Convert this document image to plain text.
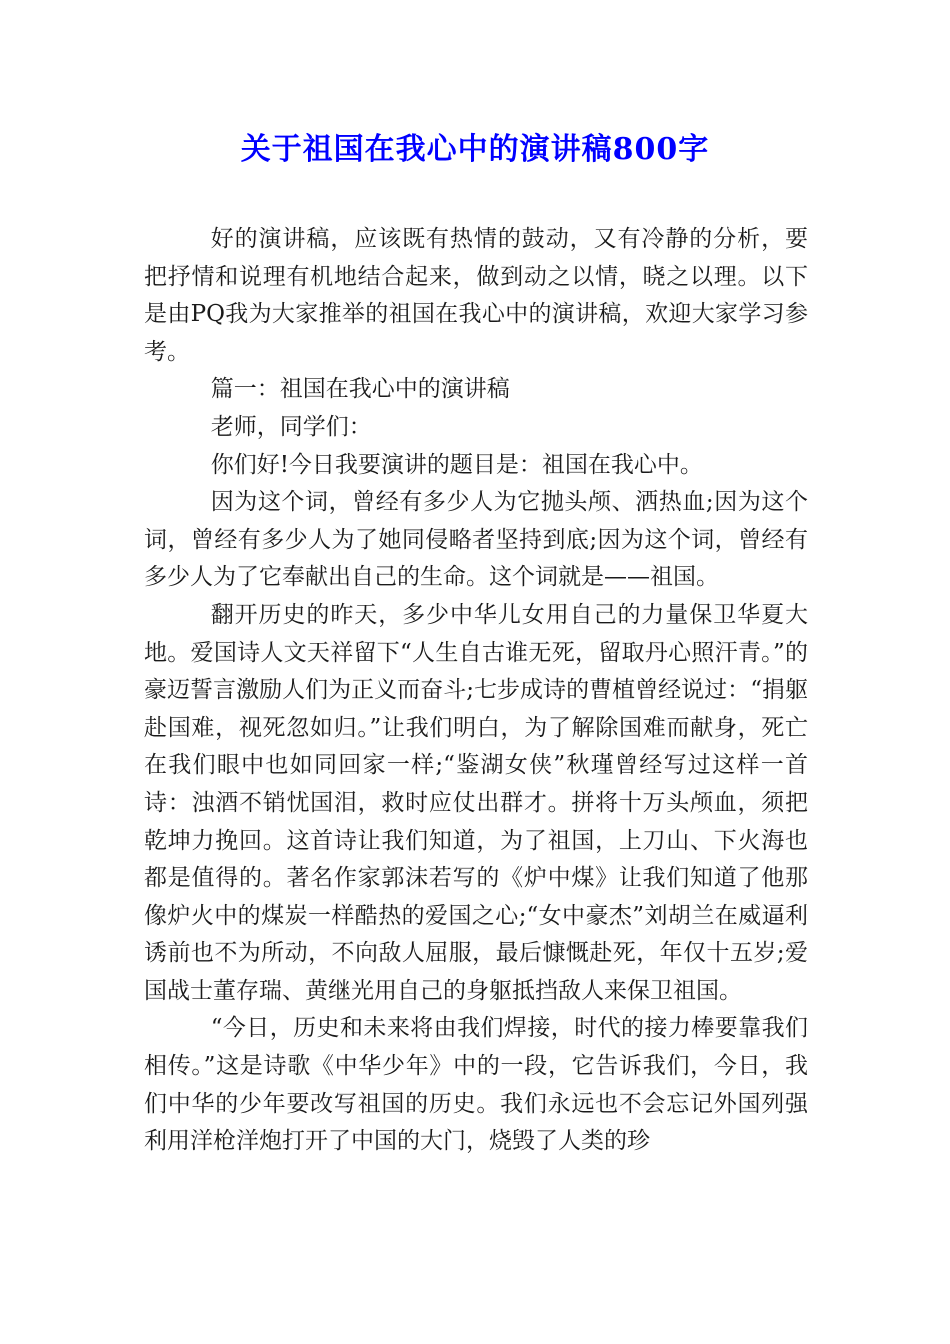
关于祖国在我心中的演讲稿800字

好的演讲稿，应该既有热情的鼓动，又有冷静的分析，要把抒情和说理有机地结合起来，做到动之以情，晓之以理。以下是由PQ我为大家推举的祖国在我心中的演讲稿，欢迎大家学习参考。

篇一：祖国在我心中的演讲稿

老师，同学们：

你们好!今日我要演讲的题目是：祖国在我心中。

因为这个词，曾经有多少人为它抛头颅、洒热血;因为这个词，曾经有多少人为了她同侵略者坚持到底;因为这个词，曾经有多少人为了它奉献出自己的生命。这个词就是——祖国。

翻开历史的昨天，多少中华儿女用自己的力量保卫华夏大地。爱国诗人文天祥留下“人生自古谁无死，留取丹心照汗青。”的豪迈誓言激励人们为正义而奋斗;七步成诗的曹植曾经说过：“捐躯赴国难，视死忽如归。”让我们明白，为了解除国难而献身，死亡在我们眼中也如同回家一样;“鉴湖女侠”秋瑾曾经写过这样一首诗：浊酒不销忧国泪，救时应仗出群才。拼将十万头颅血，须把乾坤力挽回。这首诗让我们知道，为了祖国，上刀山、下火海也都是值得的。著名作家郭沫若写的《炉中煤》让我们知道了他那像炉火中的煤炭一样酷热的爱国之心;“女中豪杰”刘胡兰在威逼利诱前也不为所动，不向敌人屈服，最后慷慨赴死，年仅十五岁;爱国战士董存瑞、黄继光用自己的身躯抵挡敌人来保卫祖国。

“今日，历史和未来将由我们焊接，时代的接力棒要靠我们相传。”这是诗歌《中华少年》中的一段，它告诉我们，今日，我们中华的少年要改写祖国的历史。我们永远也不会忘记外国列强利用洋枪洋炮打开了中国的大门，烧毁了人类的珍
